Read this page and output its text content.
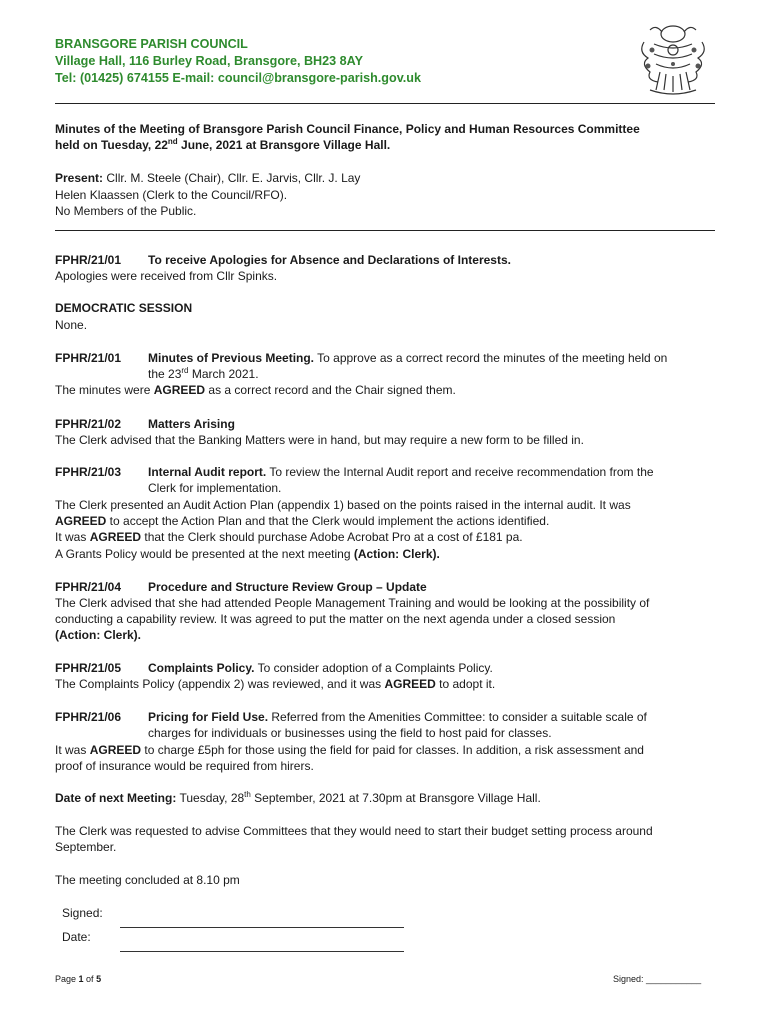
BRANSGORE PARISH COUNCIL
Village Hall, 116 Burley Road, Bransgore, BH23 8AY
Tel: (01425) 674155 E-mail: council@bransgore-parish.gov.uk
Minutes of the Meeting of Bransgore Parish Council Finance, Policy and Human Resources Committee
held on Tuesday, 22nd June, 2021 at Bransgore Village Hall.
Present: Cllr. M. Steele (Chair), Cllr. E. Jarvis, Cllr. J. Lay
Helen Klaassen (Clerk to the Council/RFO).
No Members of the Public.
FPHR/21/01 To receive Apologies for Absence and Declarations of Interests.
Apologies were received from Cllr Spinks.
DEMOCRATIC SESSION
None.
FPHR/21/01 Minutes of Previous Meeting. To approve as a correct record the minutes of the meeting held on
the 23rd March 2021.
The minutes were AGREED as a correct record and the Chair signed them.
FPHR/21/02 Matters Arising
The Clerk advised that the Banking Matters were in hand, but may require a new form to be filled in.
FPHR/21/03 Internal Audit report. To review the Internal Audit report and receive recommendation from the
Clerk for implementation.
The Clerk presented an Audit Action Plan (appendix 1) based on the points raised in the internal audit. It was
AGREED to accept the Action Plan and that the Clerk would implement the actions identified.
It was AGREED that the Clerk should purchase Adobe Acrobat Pro at a cost of £181 pa.
A Grants Policy would be presented at the next meeting (Action: Clerk).
FPHR/21/04 Procedure and Structure Review Group – Update
The Clerk advised that she had attended People Management Training and would be looking at the possibility of
conducting a capability review. It was agreed to put the matter on the next agenda under a closed session
(Action: Clerk).
FPHR/21/05 Complaints Policy. To consider adoption of a Complaints Policy.
The Complaints Policy (appendix 2) was reviewed, and it was AGREED to adopt it.
FPHR/21/06 Pricing for Field Use. Referred from the Amenities Committee: to consider a suitable scale of
charges for individuals or businesses using the field to host paid for classes.
It was AGREED to charge £5ph for those using the field for paid for classes. In addition, a risk assessment and
proof of insurance would be required from hirers.
Date of next Meeting: Tuesday, 28th September, 2021 at 7.30pm at Bransgore Village Hall.
The Clerk was requested to advise Committees that they would need to start their budget setting process around
September.
The meeting concluded at 8.10 pm
Signed:
Date:
Page 1 of 5	Signed: ___________
